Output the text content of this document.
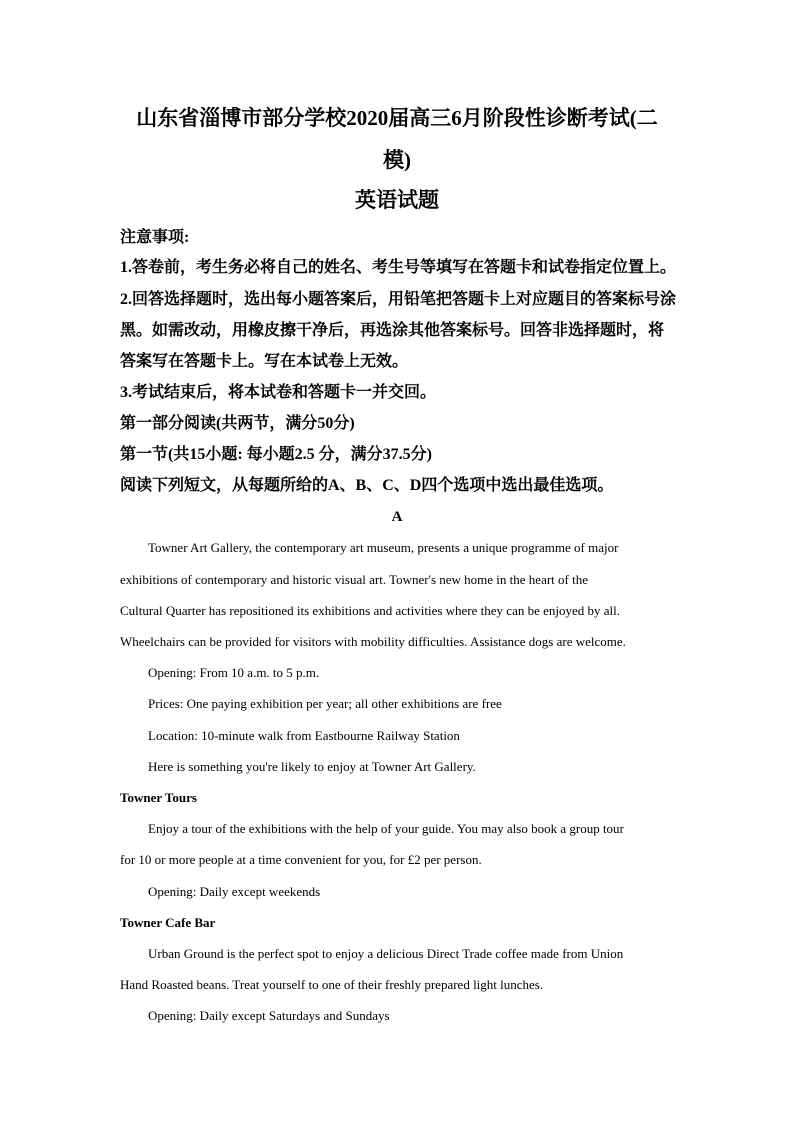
山东省淄博市部分学校2020届高三6月阶段性诊断考试(二
模)
英语试题
注意事项:
1.答卷前，考生务必将自己的姓名、考生号等填写在答题卡和试卷指定位置上。
2.回答选择题时，选出每小题答案后，用铅笔把答题卡上对应题目的答案标号涂
黑。如需改动，用橡皮擦干净后，再选涂其他答案标号。回答非选择题时，将
答案写在答题卡上。写在本试卷上无效。
3.考试结束后，将本试卷和答题卡一并交回。
第一部分阅读(共两节，满分50分)
第一节(共15小题: 每小题2.5 分，满分37.5分)
阅读下列短文，从每题所给的A、B、C、D四个选项中选出最佳选项。
A
Towner Art Gallery, the contemporary art museum, presents a unique programme of major
exhibitions of contemporary and historic visual art. Towner's new home in the heart of the
Cultural Quarter has repositioned its exhibitions and activities where they can be enjoyed by all.
Wheelchairs can be provided for visitors with mobility difficulties. Assistance dogs are welcome.
Opening: From 10 a.m. to 5 p.m.
Prices: One paying exhibition per year; all other exhibitions are free
Location: 10-minute walk from Eastbourne Railway Station
Here is something you're likely to enjoy at Towner Art Gallery.
Towner Tours
Enjoy a tour of the exhibitions with the help of your guide. You may also book a group tour
for 10 or more people at a time convenient for you, for £2 per person.
Opening: Daily except weekends
Towner Cafe Bar
Urban Ground is the perfect spot to enjoy a delicious Direct Trade coffee made from Union
Hand Roasted beans. Treat yourself to one of their freshly prepared light lunches.
Opening: Daily except Saturdays and Sundays
